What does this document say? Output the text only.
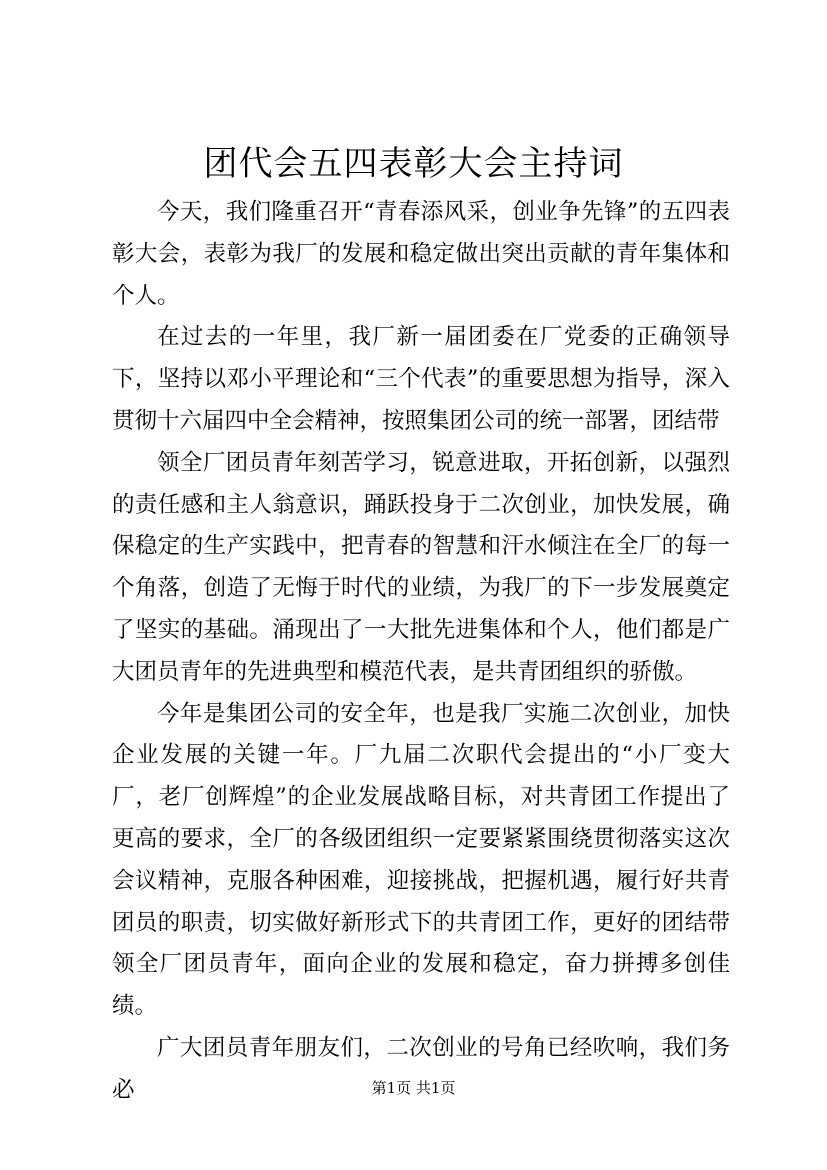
团代会五四表彰大会主持词

今天，我们隆重召开“青春添风采，创业争先锋”的五四表彰大会，表彰为我厂的发展和稳定做出突出贡献的青年集体和个人。

在过去的一年里，我厂新一届团委在厂党委的正确领导下，坚持以邓小平理论和“三个代表”的重要思想为指导，深入贯彻十六届四中全会精神，按照集团公司的统一部署，团结带

领全厂团员青年刻苦学习，锐意进取，开拓创新，以强烈的责任感和主人翁意识，踊跃投身于二次创业，加快发展，确保稳定的生产实践中，把青春的智慧和汗水倾注在全厂的每一个角落，创造了无悔于时代的业绩，为我厂的下一步发展奠定了坚实的基础。涌现出了一大批先进集体和个人，他们都是广大团员青年的先进典型和模范代表，是共青团组织的骄傲。

今年是集团公司的安全年，也是我厂实施二次创业，加快企业发展的关键一年。厂九届二次职代会提出的“小厂变大厂，老厂创辉煌”的企业发展战略目标，对共青团工作提出了更高的要求，全厂的各级团组织一定要紧紧围绕贯彻落实这次会议精神，克服各种困难，迎接挑战，把握机遇，履行好共青团员的职责，切实做好新形式下的共青团工作，更好的团结带领全厂团员青年，面向企业的发展和稳定，奋力拼搏多创佳绩。

广大团员青年朋友们，二次创业的号角已经吹响，我们务必	第1页 共1页
